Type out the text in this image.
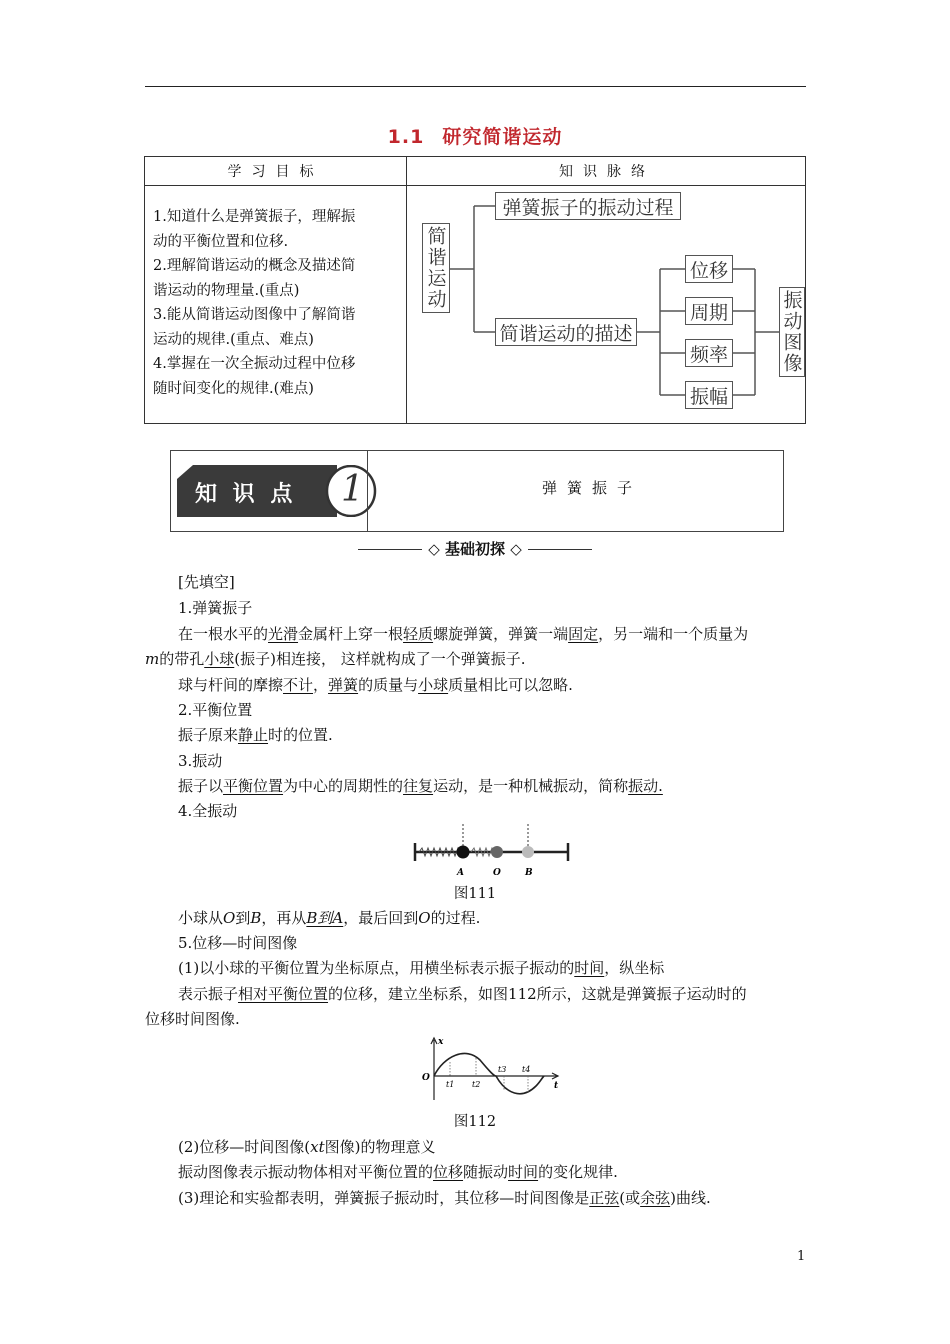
1.1 研究简谐运动
学习目标	知识脉络
1.知道什么是弹簧振子，理解振
动的平衡位置和位移.
2.理解简谐运动的概念及描述简
谐运动的物理量.(重点)
3.能从简谐运动图像中了解简谐
运动的规律.(重点、难点)
4.掌握在一次全振动过程中位移
随时间变化的规律.(难点)
简谐运动
弹簧振子的振动过程
简谐运动的描述
位移
周期
频率
振幅
振动图像
知 识 点 1	弹簧振子
◇ 基础初探 ◇
[先填空]
1.弹簧振子
在一根水平的光滑金属杆上穿一根轻质螺旋弹簧，弹簧一端固定，另一端和一个质量为
m的带孔小球(振子)相连接， 这样就构成了一个弹簧振子.
球与杆间的摩擦不计，弹簧的质量与小球质量相比可以忽略.
2.平衡位置
振子原来静止时的位置.
3.振动
振子以平衡位置为中心的周期性的往复运动，是一种机械振动，简称振动.
4.全振动
A	O	B
图111
小球从O到B，再从B到A，最后回到O的过程.
5.位移—时间图像
(1)以小球的平衡位置为坐标原点，用横坐标表示振子振动的时间，纵坐标
表示振子相对平衡位置的位移，建立坐标系，如图112所示，这就是弹簧振子运动时的
位移时间图像.
x
t
O
t1 t2
t3 t4
图112
(2)位移—时间图像(xt图像)的物理意义
振动图像表示振动物体相对平衡位置的位移随振动时间的变化规律.
(3)理论和实验都表明，弹簧振子振动时，其位移—时间图像是正弦(或余弦)曲线.
1
